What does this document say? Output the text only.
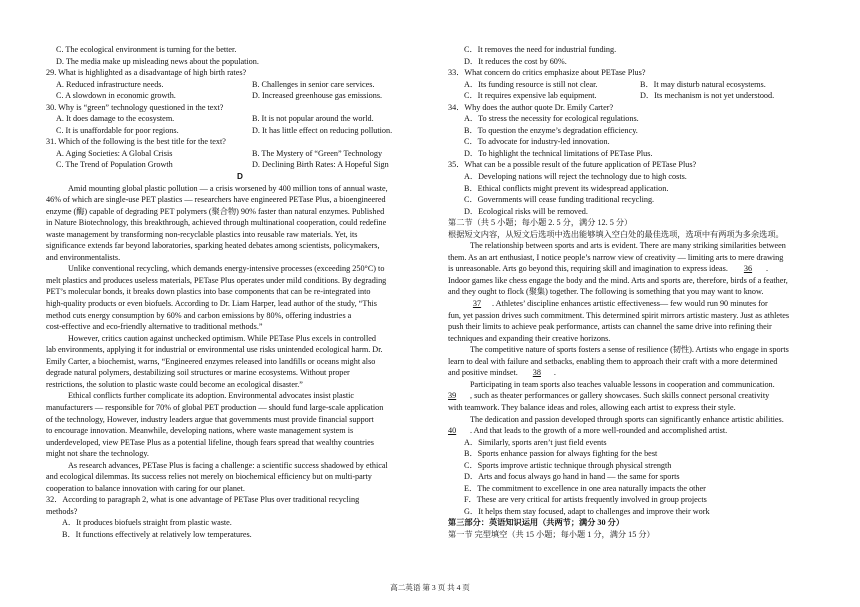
C. The ecological environment is turning for the better.
D. The media make up misleading news about the population.
29. What is highlighted as a disadvantage of high birth rates?
A. Reduced infrastructure needs.	B. Challenges in senior care services.
C. A slowdown in economic growth.	D. Increased greenhouse gas emissions.
30. Why is “green” technology questioned in the text?
A. It does damage to the ecosystem.	B. It is not popular around the world.
C. It is unaffordable for poor regions.	D. It has little effect on reducing pollution.
31. Which of the following is the best title for the text?
A. Aging Societies: A Global Crisis	B. The Mystery of “Green” Technology
C. The Trend of Population Growth	D. Declining Birth Rates: A Hopeful Sign
D
Amid mounting global plastic pollution — a crisis worsened by 400 million tons of annual waste,
46% of which are single-use PET plastics — researchers have engineered PETase Plus, a bioengineered
enzyme (酶) capable of degrading PET polymers (聚合物) 90% faster than natural enzymes. Published
in Nature Biotechnology, this breakthrough, achieved through multinational cooperation, could redefine
waste management by transforming non-recyclable plastics into reusable raw materials. Yet, its
significance extends far beyond laboratories, sparking heated debates among scientists, policymakers,
and environmentalists.
Unlike conventional recycling, which demands energy-intensive processes (exceeding 250°C) to
melt plastics and produces useless materials, PETase Plus operates under mild conditions. By degrading
PET’s molecular bonds, it breaks down plastics into base components that can be re-integrated into
high-quality products or even biofuels. According to Dr. Liam Harper, lead author of the study, “This
method cuts energy consumption by 60% and carbon emissions by 80%, offering industries a
cost-effective and eco-friendly alternative to traditional methods.”
However, critics caution against unchecked optimism. While PETase Plus excels in controlled
lab environments, applying it for industrial or environmental use risks unintended ecological harm. Dr.
Emily Carter, a biochemist, warns, “Engineered enzymes released into landfills or oceans might also
degrade natural polymers, destabilizing soil structures or marine ecosystems. Without proper
restrictions, the solution to plastic waste could become an ecological disaster.”
Ethical conflicts further complicate its adoption. Environmental advocates insist plastic
manufacturers — responsible for 70% of global PET production — should fund large-scale application
of the technology, However, industry leaders argue that governments must provide financial support
to encourage innovation. Meanwhile, developing nations, where waste management system is
underdeveloped, view PETase Plus as a potential lifeline, though fears spread that wealthy countries
might not share the technology.
As research advances, PETase Plus is facing a challenge: a scientific success shadowed by ethical
and ecological dilemmas. Its success relies not merely on biochemical efficiency but on multi-party
cooperation to balance innovation with caring for our planet.
32．According to paragraph 2, what is one advantage of PETase Plus over traditional recycling
methods?
A．It produces biofuels straight from plastic waste.
B．It functions effectively at relatively low temperatures.
C．It removes the need for industrial funding.
D．It reduces the cost by 60%.
33．What concern do critics emphasize about PETase Plus?
A．Its funding resource is still not clear.	B．It may disturb natural ecosystems.
C．It requires expensive lab equipment.	D．Its mechanism is not yet understood.
34．Why does the author quote Dr. Emily Carter?
A．To stress the necessity for ecological regulations.
B．To question the enzyme’s degradation efficiency.
C．To advocate for industry-led innovation.
D．To highlight the technical limitations of PETase Plus.
35．What can be a possible result of the future application of PETase Plus?
A．Developing nations will reject the technology due to high costs.
B．Ethical conflicts might prevent its widespread application.
C．Governments will cease funding traditional recycling.
D．Ecological risks will be removed.
第二节（共 5 小题；每小题 2. 5 分，满分 12. 5 分）
根据短文内容，从短文后选项中选出能够填入空白处的最佳选项，选项中有两项为多余选项。
The relationship between sports and arts is evident. There are many striking similarities between
them. As an art enthusiast, I notice people’s narrow view of creativity — limiting arts to mere drawing
is unreasonable. Arts go beyond this, requiring skill and imagination to express ideas. 36 .
Indoor games like chess engage the body and the mind. Arts and sports are, therefore, birds of a feather,
and they ought to flock (聚集) together. The following is something that you may want to know.
37 . Athletes’ discipline enhances artistic effectiveness— few would run 90 minutes for
fun, yet passion drives such commitment. This determined spirit mirrors artistic mastery. Just as athletes
push their limits to achieve peak performance, artists can channel the same drive into refining their
techniques and expanding their creative horizons.
The competitive nature of sports fosters a sense of resilience (韧性). Artists who engage in sports
learn to deal with failure and setbacks, enabling them to approach their craft with a more determined
and positive mindset. 38 .
Participating in team sports also teaches valuable lessons in cooperation and communication.
39 , such as theater performances or gallery showcases. Such skills connect personal creativity
with teamwork. They balance ideas and roles, allowing each artist to express their style.
The dedication and passion developed through sports can significantly enhance artistic abilities.
40 . And that leads to the growth of a more well-rounded and accomplished artist.
A．Similarly, sports aren’t just field events
B．Sports enhance passion for always fighting for the best
C．Sports improve artistic technique through physical strength
D．Arts and focus always go hand in hand — the same for sports
E．The commitment to excellence in one area naturally impacts the other
F．These are very critical for artists frequently involved in group projects
G．It helps them stay focused, adapt to challenges and improve their work
第三部分：英语知识运用（共两节；满分 30 分）
第一节 完型填空（共 15 小题；每小题 1 分，满分 15 分）
高二英语 第 3 页 共 4 页
